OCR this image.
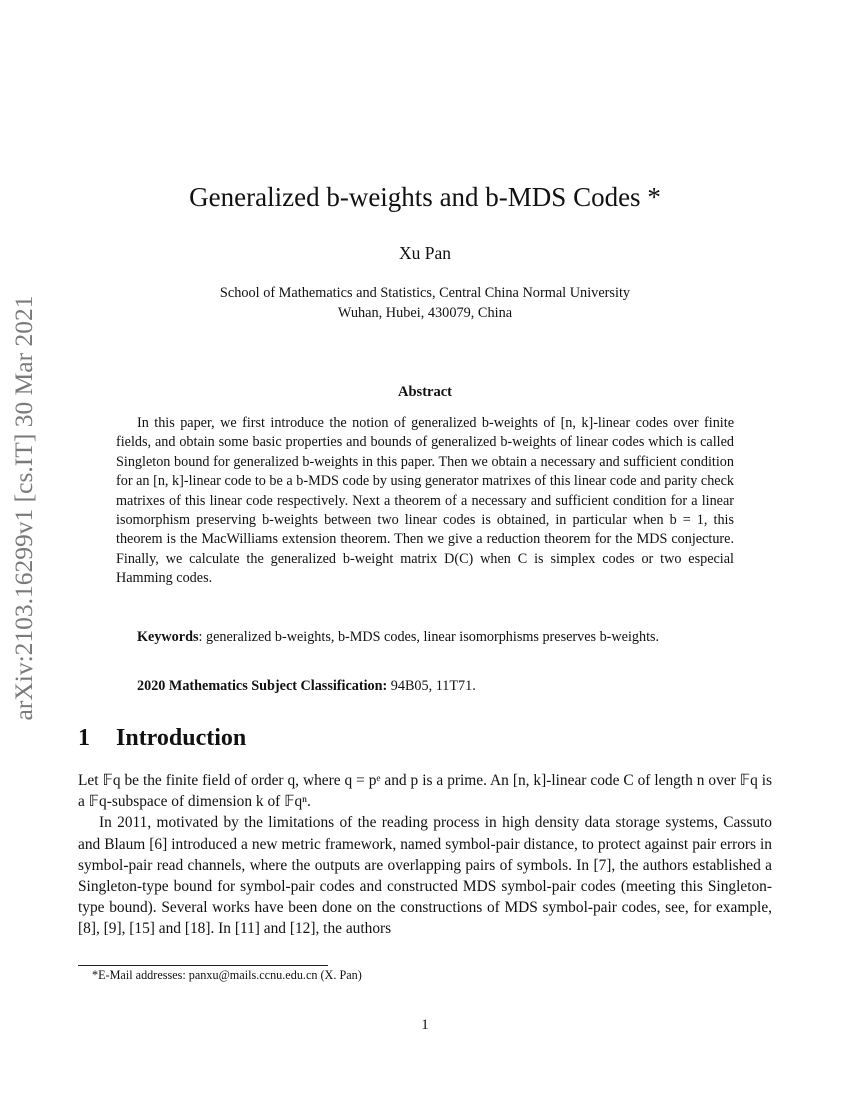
arXiv:2103.16299v1 [cs.IT] 30 Mar 2021
Generalized b-weights and b-MDS Codes *
Xu Pan
School of Mathematics and Statistics, Central China Normal University
Wuhan, Hubei, 430079, China
Abstract

In this paper, we first introduce the notion of generalized b-weights of [n, k]-linear codes over finite fields, and obtain some basic properties and bounds of generalized b-weights of linear codes which is called Singleton bound for generalized b-weights in this paper. Then we obtain a necessary and sufficient condition for an [n, k]-linear code to be a b-MDS code by using generator matrixes of this linear code and parity check matrixes of this linear code respectively. Next a theorem of a necessary and sufficient condition for a linear isomorphism preserving b-weights between two linear codes is obtained, in particular when b = 1, this theorem is the MacWilliams extension theorem. Then we give a reduction theorem for the MDS conjecture. Finally, we calculate the generalized b-weight matrix D(C) when C is simplex codes or two especial Hamming codes.

Keywords: generalized b-weights, b-MDS codes, linear isomorphisms preserves b-weights.
2020 Mathematics Subject Classification: 94B05, 11T71.
1 Introduction

Let 𝔽q be the finite field of order q, where q = pᵉ and p is a prime. An [n, k]-linear code C of length n over 𝔽q is a 𝔽q-subspace of dimension k of 𝔽qⁿ.

In 2011, motivated by the limitations of the reading process in high density data storage systems, Cassuto and Blaum [6] introduced a new metric framework, named symbol-pair distance, to protect against pair errors in symbol-pair read channels, where the outputs are overlapping pairs of symbols. In [7], the authors established a Singleton-type bound for symbol-pair codes and constructed MDS symbol-pair codes (meeting this Singleton-type bound). Several works have been done on the constructions of MDS symbol-pair codes, see, for example, [8], [9], [15] and [18]. In [11] and [12], the authors

*E-Mail addresses: panxu@mails.ccnu.edu.cn (X. Pan)
1
